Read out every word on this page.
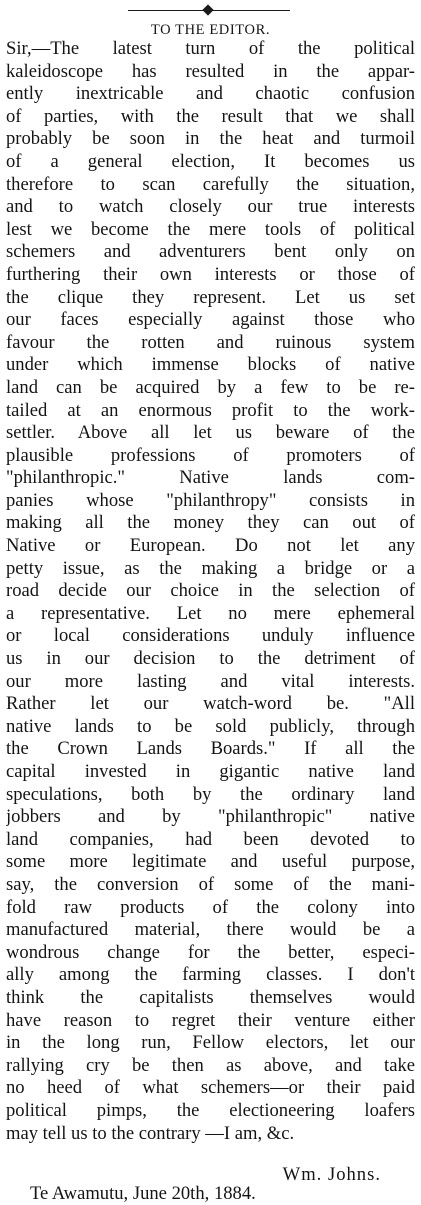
TO THE EDITOR.
Sir,—The latest turn of the political
kaleidoscope has resulted in the appar-
ently inextricable and chaotic confusion
of parties, with the result that we shall
probably be soon in the heat and turmoil
of a general election, It becomes us
therefore to scan carefully the situation,
and to watch closely our true interests
lest we become the mere tools of political
schemers and adventurers bent only on
furthering their own interests or those of
the clique they represent. Let us set
our faces especially against those who
favour the rotten and ruinous system
under which immense blocks of native
land can be acquired by a few to be re-
tailed at an enormous profit to the work-
settler. Above all let us beware of the
plausible professions of promoters of
"philanthropic." Native lands com-
panies whose "philanthropy" consists in
making all the money they can out of
Native or European. Do not let any
petty issue, as the making a bridge or a
road decide our choice in the selection of
a representative. Let no mere ephemeral
or local considerations unduly influence
us in our decision to the detriment of
our more lasting and vital interests.
Rather let our watch-word be. "All
native lands to be sold publicly, through
the Crown Lands Boards." If all the
capital invested in gigantic native land
speculations, both by the ordinary land
jobbers and by "philanthropic" native
land companies, had been devoted to
some more legitimate and useful purpose,
say, the conversion of some of the mani-
fold raw products of the colony into
manufactured material, there would be a
wondrous change for the better, especi-
ally among the farming classes. I don't
think the capitalists themselves would
have reason to regret their venture either
in the long run, Fellow electors, let our
rallying cry be then as above, and take
no heed of what schemers—or their paid
political pimps, the electioneering loafers
may tell us to the contrary —I am, &c.
Wm. Johns.
Te Awamutu, June 20th, 1884.
